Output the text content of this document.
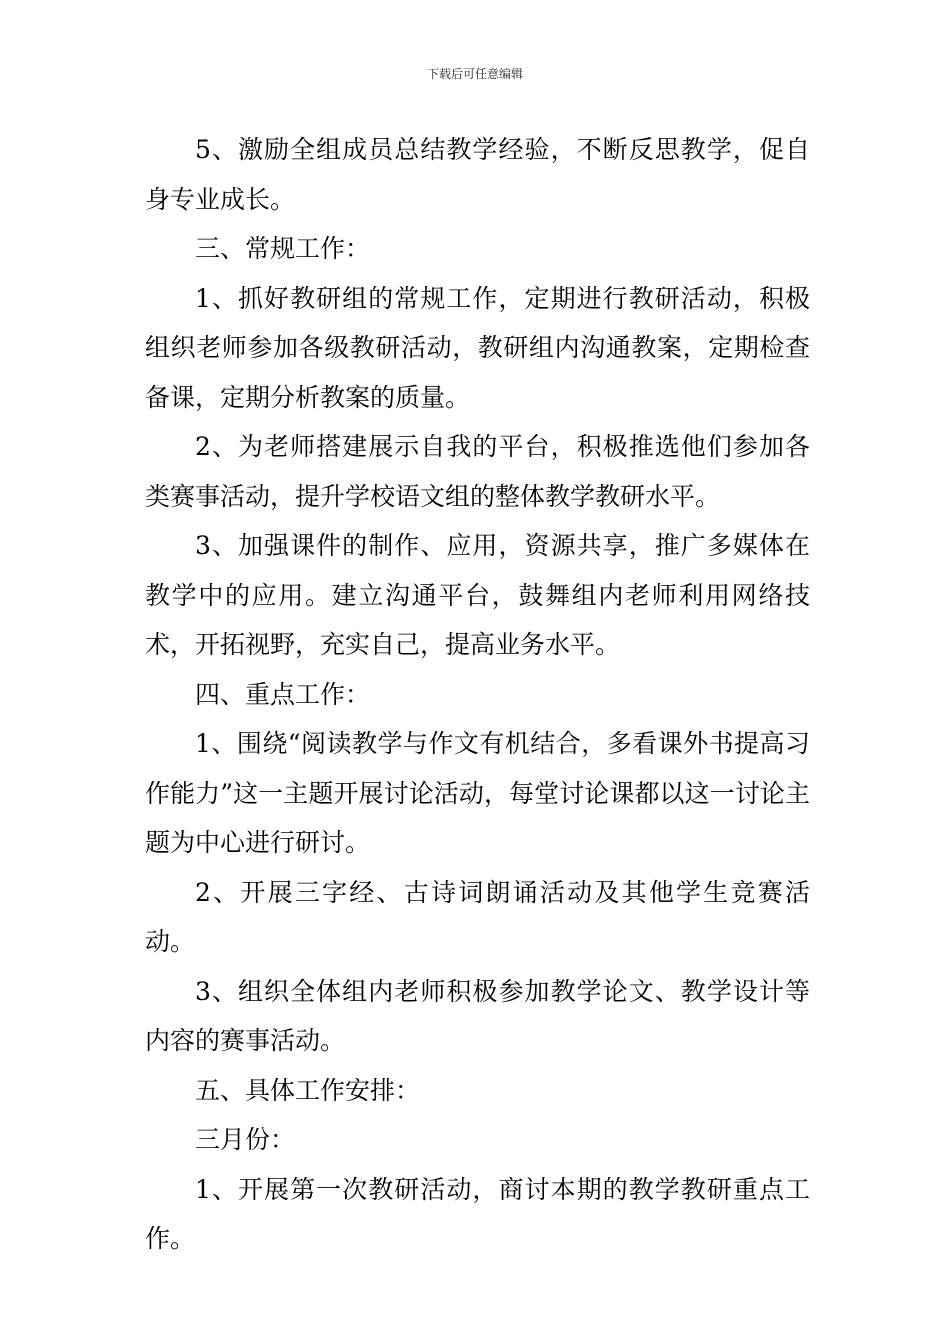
下载后可任意编辑

5、激励全组成员总结教学经验，不断反思教学，促自身专业成长。

三、常规工作：

1、抓好教研组的常规工作，定期进行教研活动，积极组织老师参加各级教研活动，教研组内沟通教案，定期检查备课，定期分析教案的质量。

2、为老师搭建展示自我的平台，积极推选他们参加各类赛事活动，提升学校语文组的整体教学教研水平。

3、加强课件的制作、应用，资源共享，推广多媒体在教学中的应用。建立沟通平台，鼓舞组内老师利用网络技术，开拓视野，充实自己，提高业务水平。

四、重点工作：

1、围绕“阅读教学与作文有机结合，多看课外书提高习作能力”这一主题开展讨论活动，每堂讨论课都以这一讨论主题为中心进行研讨。

2、开展三字经、古诗词朗诵活动及其他学生竞赛活动。

3、组织全体组内老师积极参加教学论文、教学设计等内容的赛事活动。

五、具体工作安排：

三月份：

1、开展第一次教研活动，商讨本期的教学教研重点工作。
